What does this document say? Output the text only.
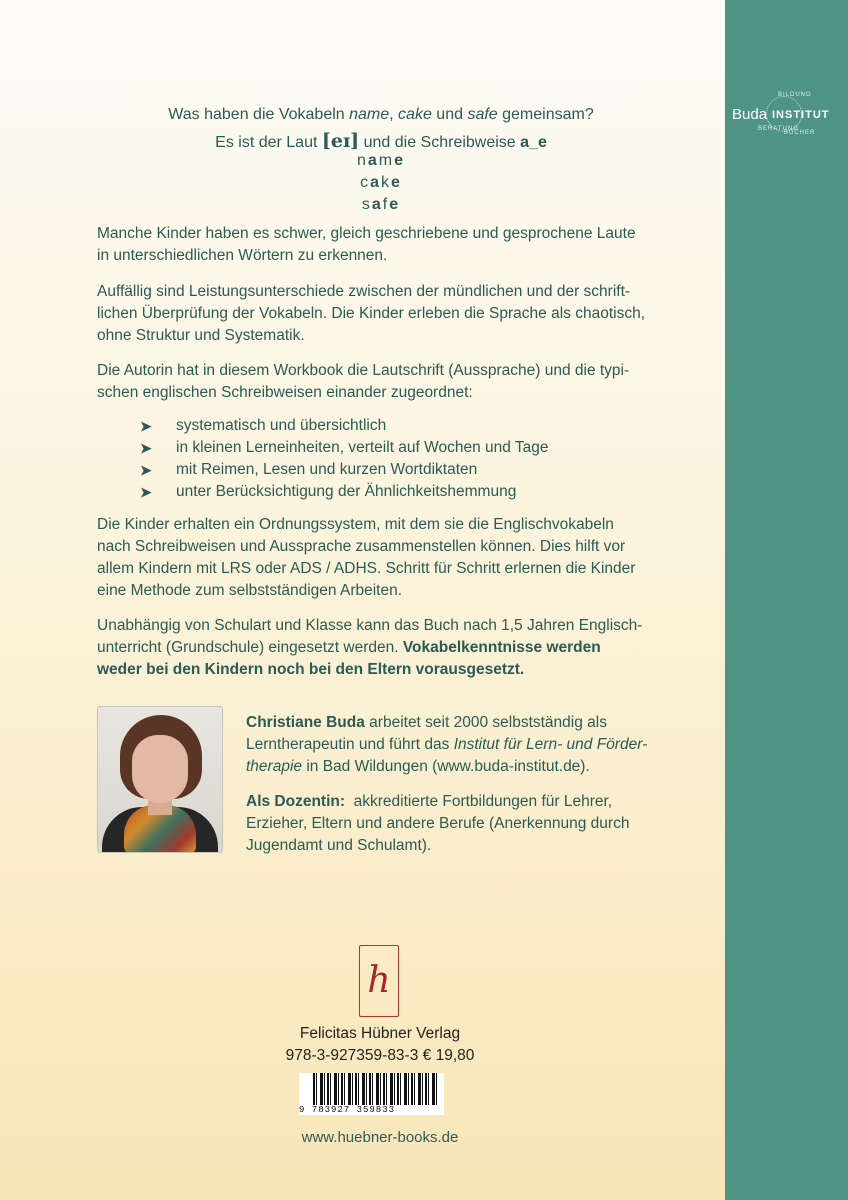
Buda INSTITUT
BILDUNG
BERATUNG
BÜCHER
Was haben die Vokabeln name, cake und safe gemeinsam?
Es ist der Laut [eɪ] und die Schreibweise a_e
name
cake
safe
Manche Kinder haben es schwer, gleich geschriebene und gesprochene Laute
in unterschiedlichen Wörtern zu erkennen.
Auffällig sind Leistungsunterschiede zwischen der mündlichen und der schrift-
lichen Überprüfung der Vokabeln. Die Kinder erleben die Sprache als chaotisch,
ohne Struktur und Systematik.
Die Autorin hat in diesem Workbook die Lautschrift (Aussprache) und die typi-
schen englischen Schreibweisen einander zugeordnet:
➤ systematisch und übersichtlich
➤ in kleinen Lerneinheiten, verteilt auf Wochen und Tage
➤ mit Reimen, Lesen und kurzen Wortdiktaten
➤ unter Berücksichtigung der Ähnlichkeitshemmung
Die Kinder erhalten ein Ordnungssystem, mit dem sie die Englischvokabeln
nach Schreibweisen und Aussprache zusammenstellen können. Dies hilft vor
allem Kindern mit LRS oder ADS / ADHS. Schritt für Schritt erlernen die Kinder
eine Methode zum selbstständigen Arbeiten.
Unabhängig von Schulart und Klasse kann das Buch nach 1,5 Jahren Englisch-
unterricht (Grundschule) eingesetzt werden. Vokabelkenntnisse werden
weder bei den Kindern noch bei den Eltern vorausgesetzt.
Christiane Buda arbeitet seit 2000 selbstständig als
Lerntherapeutin und führt das Institut für Lern- und Förder-
therapie in Bad Wildungen (www.buda-institut.de).
Als Dozentin:  akkreditierte Fortbildungen für Lehrer,
Erzieher, Eltern und andere Berufe (Anerkennung durch
Jugendamt und Schulamt).
h
Felicitas Hübner Verlag
978-3-927359-83-3 € 19,80
9 783927 359833
www.huebner-books.de
